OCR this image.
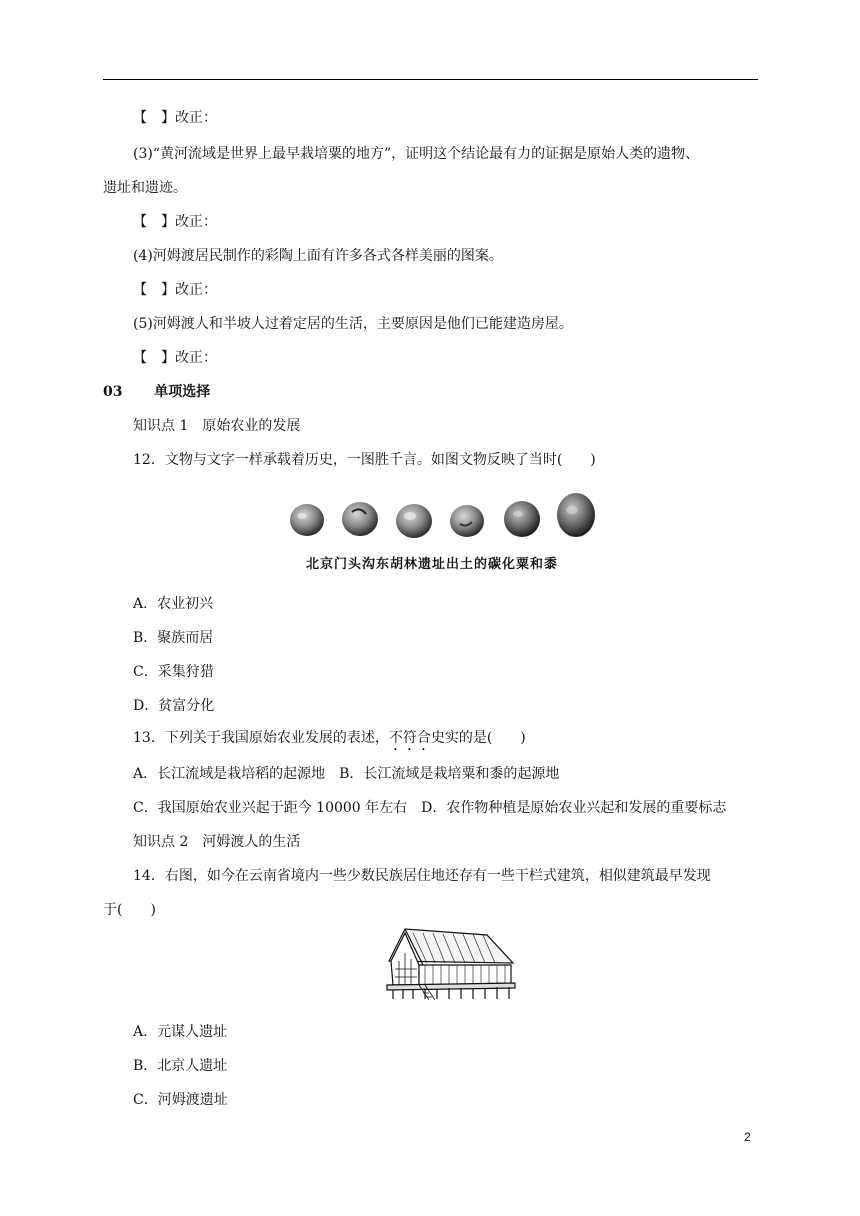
【　】改正：
(3)“黄河流域是世界上最早栽培粟的地方”，证明这个结论最有力的证据是原始人类的遗物、
遗址和遗迹。
【　】改正：
(4)河姆渡居民制作的彩陶上面有许多各式各样美丽的图案。
【　】改正：
(5)河姆渡人和半坡人过着定居的生活，主要原因是他们已能建造房屋。
【　】改正：
03 单项选择
知识点 1　原始农业的发展
12．文物与文字一样承载着历史，一图胜千言。如图文物反映了当时(　　)
北京门头沟东胡林遗址出土的碳化粟和黍
A．农业初兴
B．聚族而居
C．采集狩猎
D．贫富分化
13．下列关于我国原始农业发展的表述，不符合史实的是(　　)
A．长江流域是栽培稻的起源地　B．长江流域是栽培粟和黍的起源地
C．我国原始农业兴起于距今 10000 年左右　D．农作物种植是原始农业兴起和发展的重要标志
知识点 2　河姆渡人的生活
14．右图，如今在云南省境内一些少数民族居住地还存有一些干栏式建筑，相似建筑最早发现
于(　　)
A．元谋人遗址
B．北京人遗址
C．河姆渡遗址
2
